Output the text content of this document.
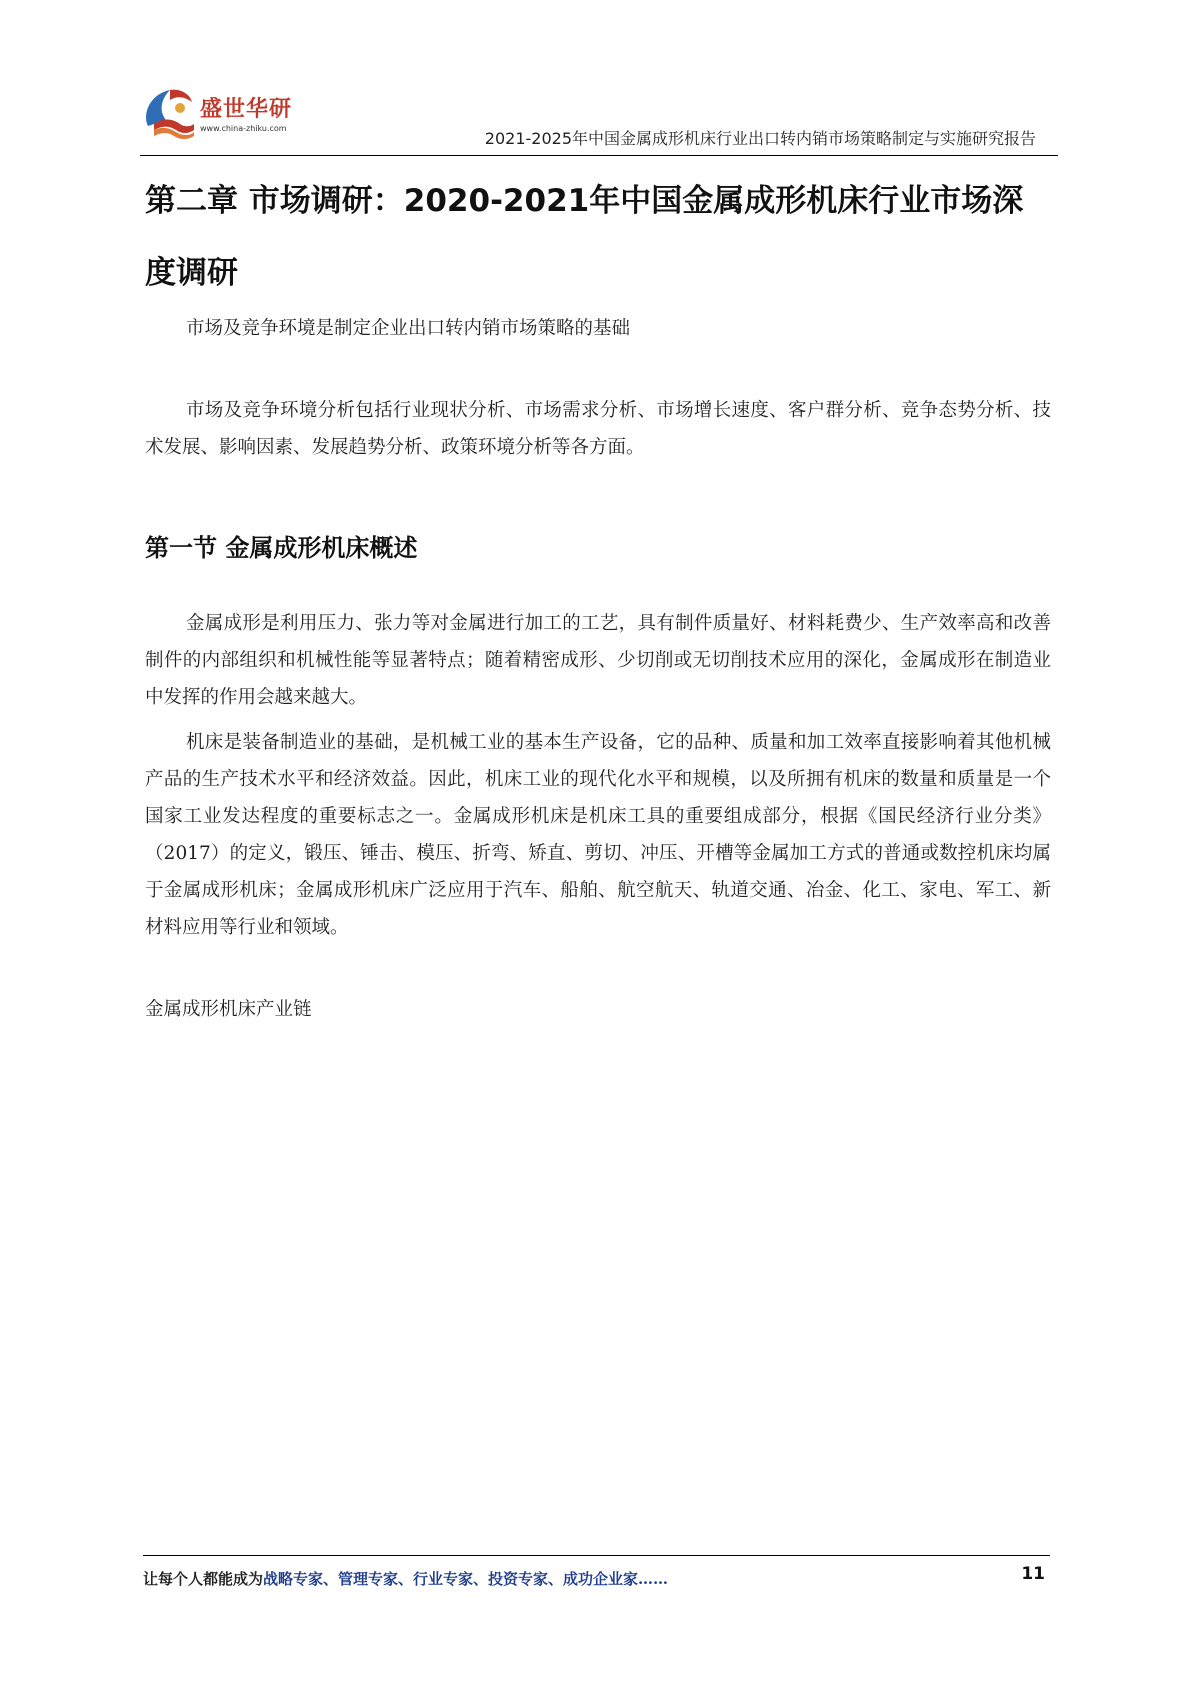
盛世华研
www.china-zhiku.com
2021-2025年中国金属成形机床行业出口转内销市场策略制定与实施研究报告
第二章 市场调研：2020-2021年中国金属成形机床行业市场深度调研

市场及竞争环境是制定企业出口转内销市场策略的基础

市场及竞争环境分析包括行业现状分析、市场需求分析、市场增长速度、客户群分析、竞争态势分析、技术发展、影响因素、发展趋势分析、政策环境分析等各方面。

第一节 金属成形机床概述

金属成形是利用压力、张力等对金属进行加工的工艺，具有制件质量好、材料耗费少、生产效率高和改善制件的内部组织和机械性能等显著特点；随着精密成形、少切削或无切削技术应用的深化，金属成形在制造业中发挥的作用会越来越大。

机床是装备制造业的基础，是机械工业的基本生产设备，它的品种、质量和加工效率直接影响着其他机械产品的生产技术水平和经济效益。因此，机床工业的现代化水平和规模，以及所拥有机床的数量和质量是一个国家工业发达程度的重要标志之一。金属成形机床是机床工具的重要组成部分，根据《国民经济行业分类》（2017）的定义，锻压、锤击、模压、折弯、矫直、剪切、冲压、开槽等金属加工方式的普通或数控机床均属于金属成形机床；金属成形机床广泛应用于汽车、船舶、航空航天、轨道交通、冶金、化工、家电、军工、新材料应用等行业和领域。

金属成形机床产业链

让每个人都能成为战略专家、管理专家、行业专家、投资专家、成功企业家……	11
